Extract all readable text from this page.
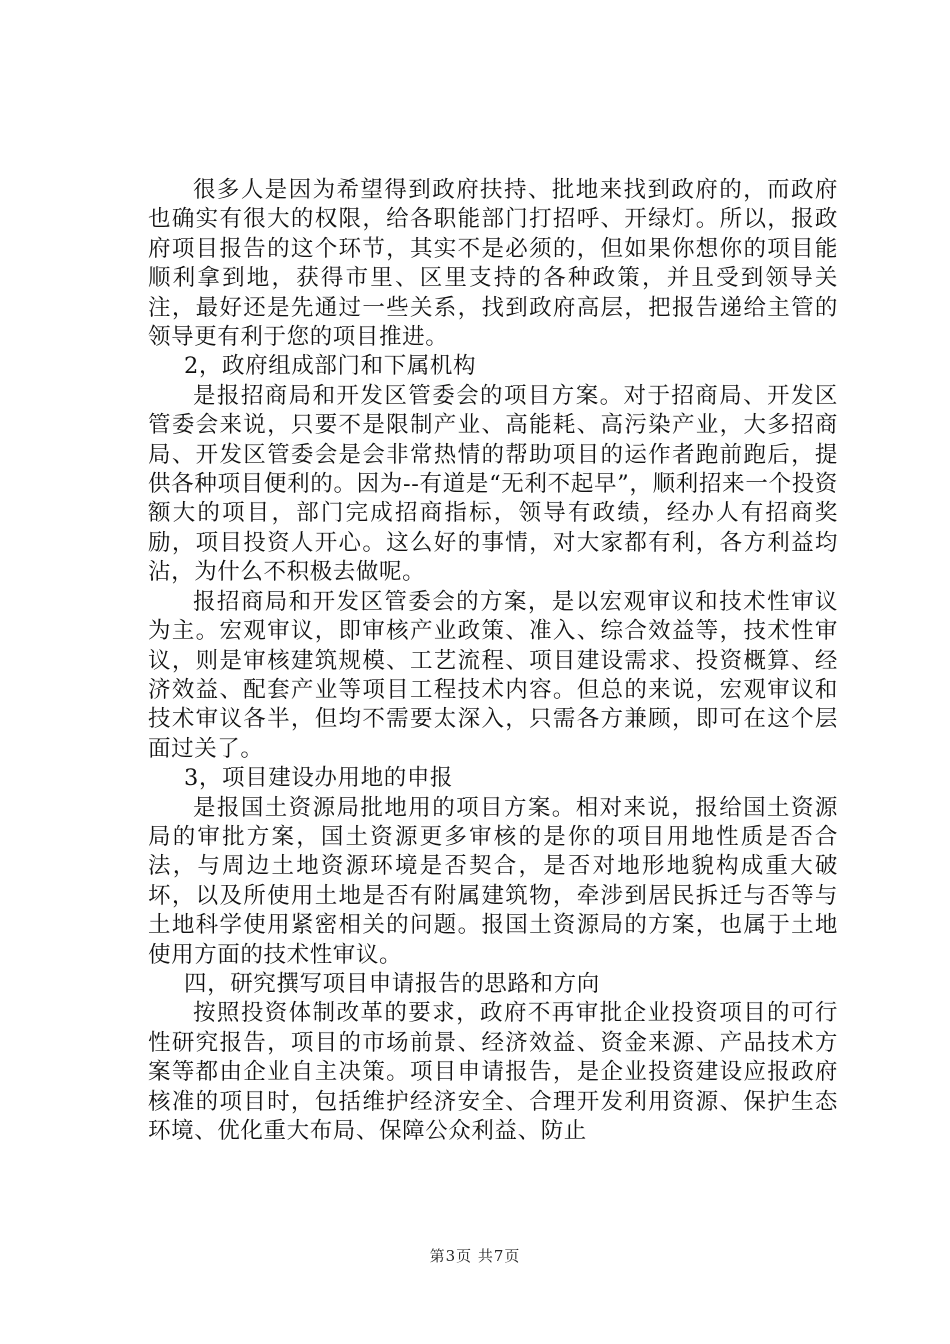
很多人是因为希望得到政府扶持、批地来找到政府的，而政府也确实有很大的权限，给各职能部门打招呼、开绿灯。所以，报政府项目报告的这个环节，其实不是必须的，但如果你想你的项目能顺利拿到地，获得市里、区里支持的各种政策，并且受到领导关注，最好还是先通过一些关系，找到政府高层，把报告递给主管的领导更有利于您的项目推进。

2，政府组成部门和下属机构

是报招商局和开发区管委会的项目方案。对于招商局、开发区管委会来说，只要不是限制产业、高能耗、高污染产业，大多招商局、开发区管委会是会非常热情的帮助项目的运作者跑前跑后，提供各种项目便利的。因为--有道是“无利不起早”，顺利招来一个投资额大的项目，部门完成招商指标，领导有政绩，经办人有招商奖励，项目投资人开心。这么好的事情，对大家都有利，各方利益均沾，为什么不积极去做呢。

报招商局和开发区管委会的方案，是以宏观审议和技术性审议为主。宏观审议，即审核产业政策、准入、综合效益等，技术性审议，则是审核建筑规模、工艺流程、项目建设需求、投资概算、经济效益、配套产业等项目工程技术内容。但总的来说，宏观审议和技术审议各半，但均不需要太深入，只需各方兼顾，即可在这个层面过关了。

3，项目建设办用地的申报

是报国土资源局批地用的项目方案。相对来说，报给国土资源局的审批方案，国土资源更多审核的是你的项目用地性质是否合法，与周边土地资源环境是否契合，是否对地形地貌构成重大破坏，以及所使用土地是否有附属建筑物，牵涉到居民拆迁与否等与土地科学使用紧密相关的问题。报国土资源局的方案，也属于土地使用方面的技术性审议。

四，研究撰写项目申请报告的思路和方向

按照投资体制改革的要求，政府不再审批企业投资项目的可行性研究报告，项目的市场前景、经济效益、资金来源、产品技术方案等都由企业自主决策。项目申请报告，是企业投资建设应报政府核准的项目时，包括维护经济安全、合理开发利用资源、保护生态环境、优化重大布局、保障公众利益、防止

第3页 共7页
